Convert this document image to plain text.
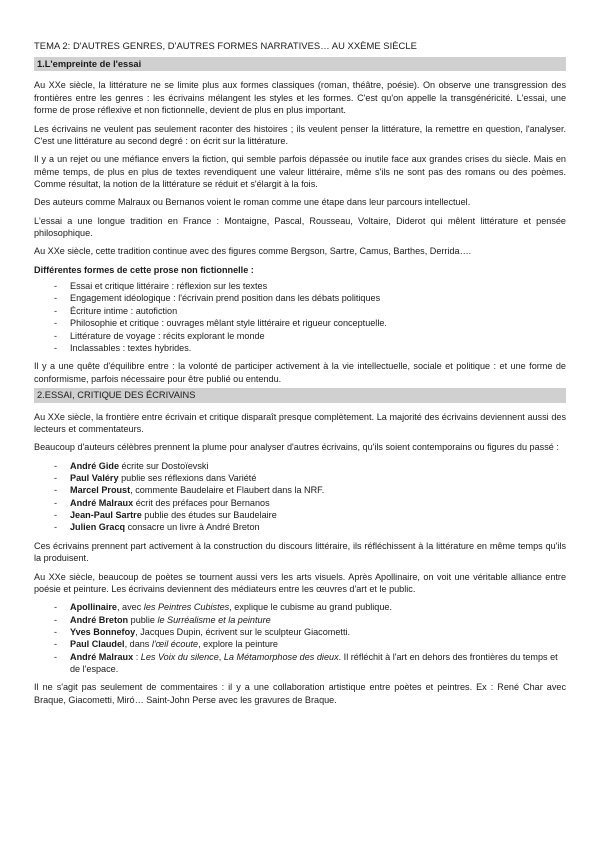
TEMA 2: D'AUTRES GENRES, D'AUTRES FORMES NARRATIVES… AU XXÈME SIÈCLE
1.L'empreinte de l'essai

Au XXe siècle, la littérature ne se limite plus aux formes classiques (roman, théâtre, poésie). On observe une transgression des frontières entre les genres : les écrivains mélangent les styles et les formes. C'est qu'on appelle la transgénéricité. L'essai, une forme de prose réflexive et non fictionnelle, devient de plus en plus important.

Les écrivains ne veulent pas seulement raconter des histoires ; ils veulent penser la littérature, la remettre en question, l'analyser. C'est une littérature au second degré : on écrit sur la littérature.

Il y a un rejet ou une méfiance envers la fiction, qui semble parfois dépassée ou inutile face aux grandes crises du siècle. Mais en même temps, de plus en plus de textes revendiquent une valeur littéraire, même s'ils ne sont pas des romans ou des poèmes. Comme résultat, la notion de la littérature se réduit et s'élargit à la fois.

Des auteurs comme Malraux ou Bernanos voient le roman comme une étape dans leur parcours intellectuel.

L'essai a une longue tradition en France : Montaigne, Pascal, Rousseau, Voltaire, Diderot qui mêlent littérature et pensée philosophique.

Au XXe siècle, cette tradition continue avec des figures comme Bergson, Sartre, Camus, Barthes, Derrida….

Différentes formes de cette prose non fictionnelle :
- Essai et critique littéraire : réflexion sur les textes
- Engagement idéologique : l'écrivain prend position dans les débats politiques
- Écriture intime : autofiction
- Philosophie et critique : ouvrages mêlant style littéraire et rigueur conceptuelle.
- Littérature de voyage : récits explorant le monde
- Inclassables : textes hybrides.

Il y a une quête d'équilibre entre : la volonté de participer activement à la vie intellectuelle, sociale et politique : et une forme de conformisme, parfois nécessaire pour être publié ou entendu.

2.ESSAI, CRITIQUE DES ÉCRIVAINS

Au XXe siècle, la frontière entre écrivain et critique disparaît presque complètement. La majorité des écrivains deviennent aussi des lecteurs et commentateurs.

Beaucoup d'auteurs célèbres prennent la plume pour analyser d'autres écrivains, qu'ils soient contemporains ou figures du passé :

- André Gide écrite sur Dostoïevski
- Paul Valéry publie ses réflexions dans Variété
- Marcel Proust, commente Baudelaire et Flaubert dans la NRF.
- André Malraux écrit des préfaces pour Bernanos
- Jean-Paul Sartre publie des études sur Baudelaire
- Julien Gracq consacre un livre à André Breton

Ces écrivains prennent part activement à la construction du discours littéraire, ils réfléchissent à la littérature en même temps qu'ils la produisent.

Au XXe siècle, beaucoup de poètes se tournent aussi vers les arts visuels. Après Apollinaire, on voit une véritable alliance entre poésie et peinture. Les écrivains deviennent des médiateurs entre les œuvres d'art et le public.

- Apollinaire, avec les Peintres Cubistes, explique le cubisme au grand publique.
- André Breton publie le Surréalisme et la peinture
- Yves Bonnefoy, Jacques Dupin, écrivent sur le sculpteur Giacometti.
- Paul Claudel, dans l'œil écoute, explore la peinture
- André Malraux : Les Voix du silence, La Métamorphose des dieux. Il réfléchit à l'art en dehors des frontières du temps et de l'espace.

Il ne s'agit pas seulement de commentaires : il y a une collaboration artistique entre poètes et peintres. Ex : René Char avec Braque, Giacometti, Miró… Saint-John Perse avec les gravures de Braque.
